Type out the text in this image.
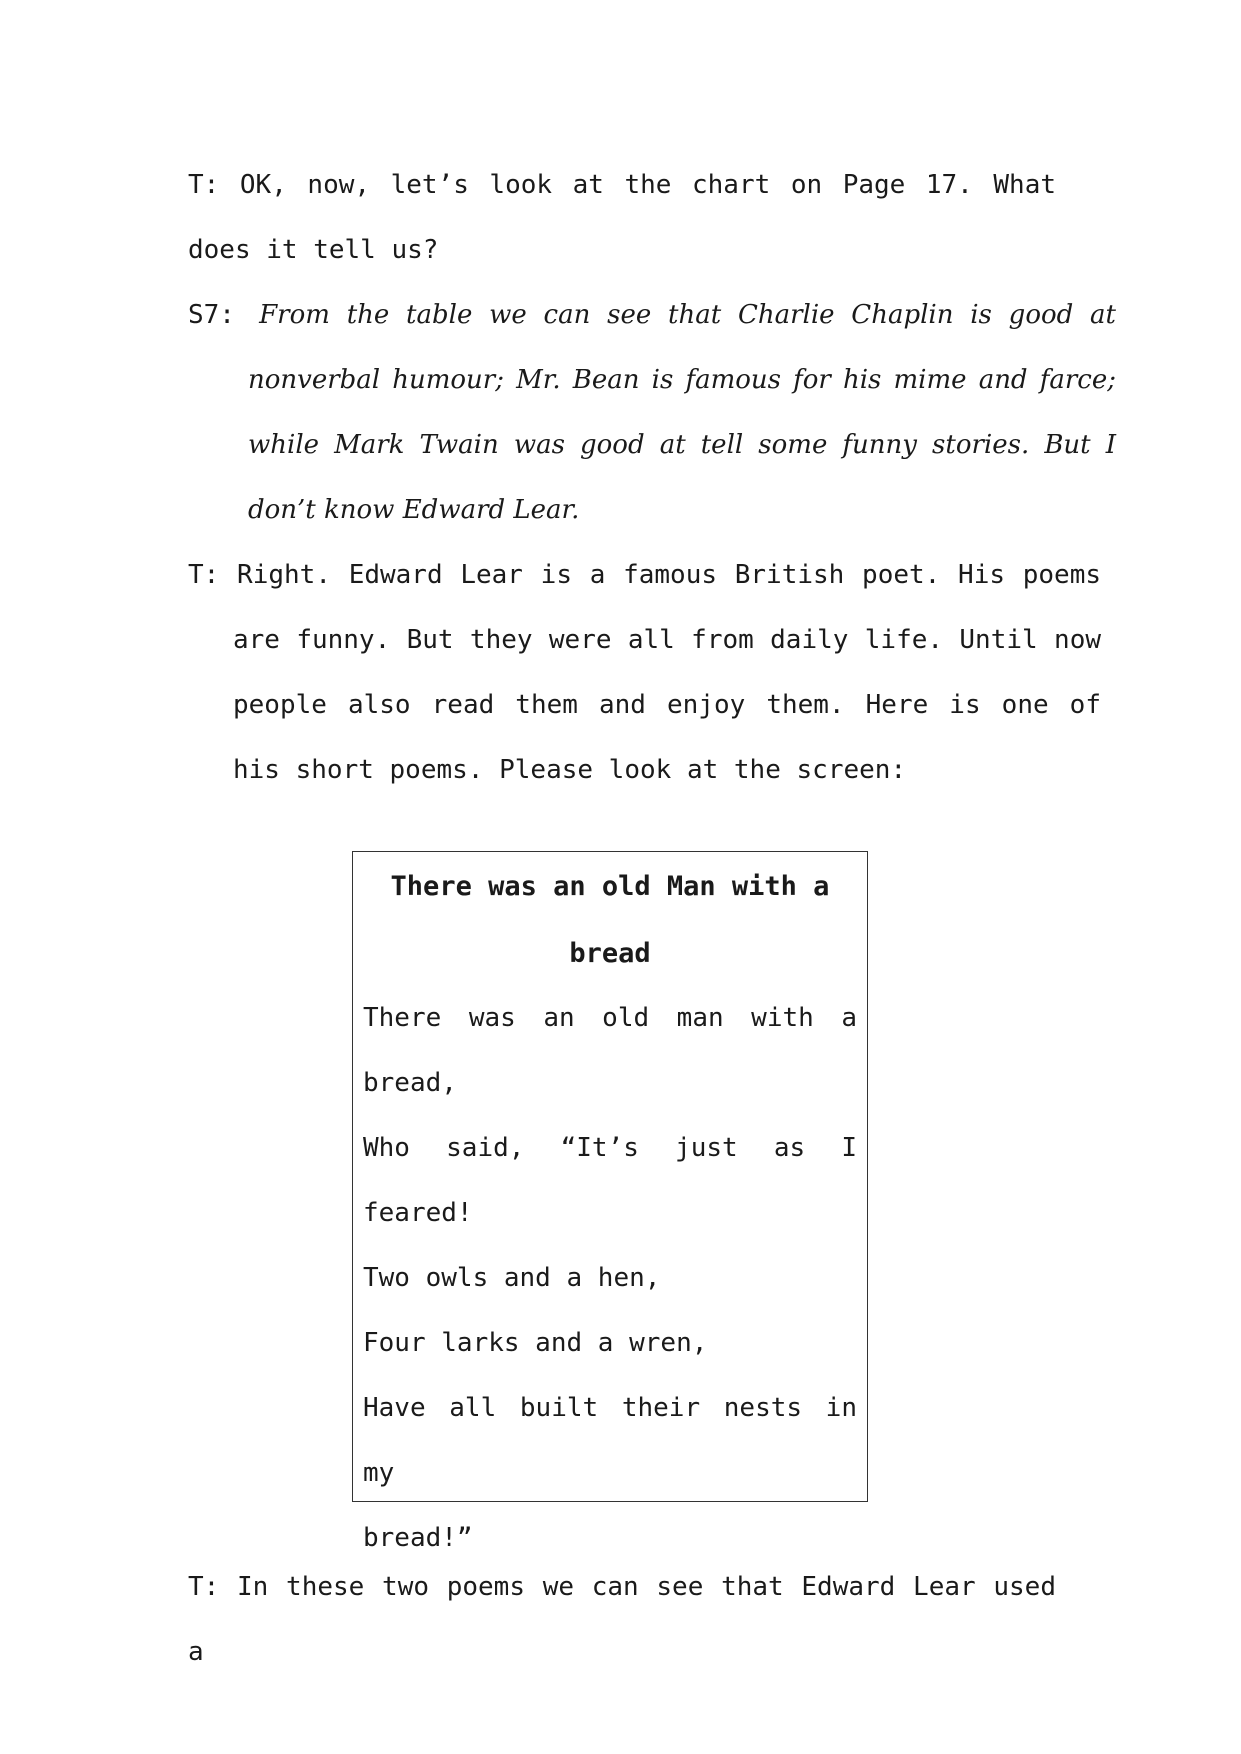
T: OK, now, let’s look at the chart on Page 17. What does it tell us?

S7: From the table we can see that Charlie Chaplin is good at nonverbal humour; Mr. Bean is famous for his mime and farce; while Mark Twain was good at tell some funny stories. But I don’t know Edward Lear.

T: Right. Edward Lear is a famous British poet. His poems are funny. But they were all from daily life. Until now people also read them and enjoy them. Here is one of his short poems. Please look at the screen:

There was an old Man with a

bread

There was an old man with a

bread,

Who said, “It’s just as I

feared!

Two owls and a hen,

Four larks and a wren,

Have all built their nests in my

bread!”

T: In these two poems we can see that Edward Lear used a
